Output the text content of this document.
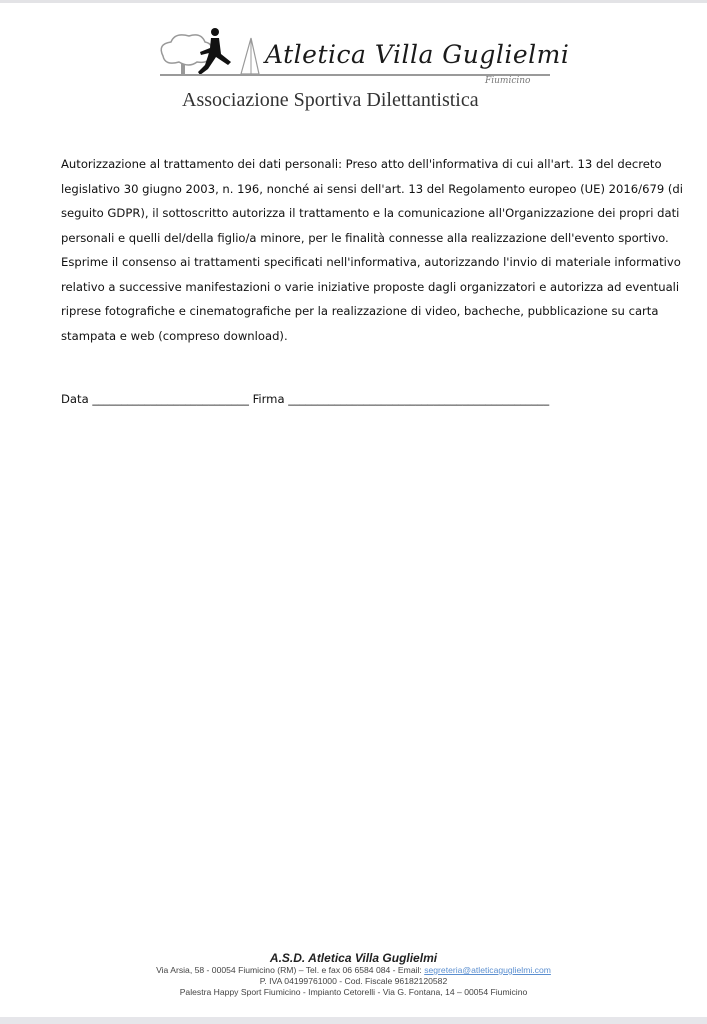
Atletica Villa Guglielmi
Fiumicino
Associazione Sportiva Dilettantistica
Autorizzazione al trattamento dei dati personali: Preso atto dell'informativa di cui all'art. 13 del decreto
legislativo 30 giugno 2003, n. 196, nonché ai sensi dell'art. 13 del Regolamento europeo (UE) 2016/679 (di
seguito GDPR), il sottoscritto autorizza il trattamento e la comunicazione all'Organizzazione dei propri dati
personali e quelli del/della figlio/a minore, per le finalità connesse alla realizzazione dell'evento sportivo.
Esprime il consenso ai trattamenti specificati nell'informativa, autorizzando l'invio di materiale informativo
relativo a successive manifestazioni o varie iniziative proposte dagli organizzatori e autorizza ad eventuali
riprese fotografiche e cinematografiche per la realizzazione di video, bacheche, pubblicazione su carta
stampata e web (compreso download).
Data ___________________________ Firma _____________________________________________
A.S.D. Atletica Villa Guglielmi
Via Arsia, 58 - 00054 Fiumicino (RM) – Tel. e fax 06 6584 084 - Email: segreteria@atleticaguglielmi.com
P. IVA 04199761000 - Cod. Fiscale 96182120582
Palestra Happy Sport Fiumicino - Impianto Cetorelli - Via G. Fontana, 14 – 00054 Fiumicino
